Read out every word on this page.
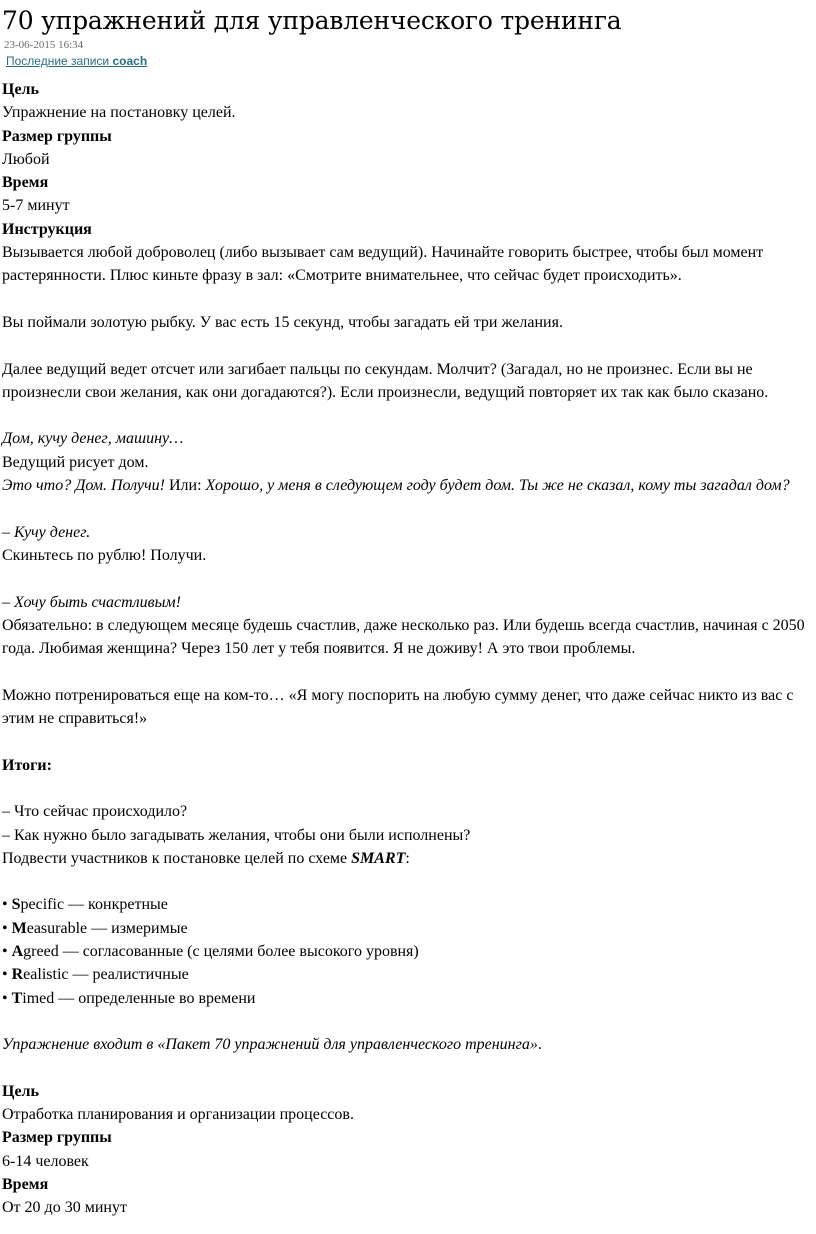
70 упражнений для управленческого тренинга
23-06-2015 16:34
Последние записи coach

Цель

Упражнение на постановку целей.

Размер группы

Любой

Время

5-7 минут

Инструкция

Вызывается любой доброволец (либо вызывает сам ведущий). Начинайте говорить быстрее, чтобы был момент растерянности. Плюс киньте фразу в зал: «Смотрите внимательнее, что сейчас будет происходить».

Вы поймали золотую рыбку. У вас есть 15 секунд, чтобы загадать ей три желания.

Далее ведущий ведет отсчет или загибает пальцы по секундам. Молчит? (Загадал, но не произнес. Если вы не произнесли свои желания, как они догадаются?). Если произнесли, ведущий повторяет их так как было сказано.

Дом, кучу денег, машину…

Ведущий рисует дом.

Это что? Дом. Получи! Или: Хорошо, у меня в следующем году будет дом. Ты же не сказал, кому ты загадал дом?

– Кучу денег.

Скиньтесь по рублю! Получи.

– Хочу быть счастливым!

Обязательно: в следующем месяце будешь счастлив, даже несколько раз. Или будешь всегда счастлив, начиная с 2050 года. Любимая женщина? Через 150 лет у тебя появится. Я не доживу! А это твои проблемы.

Можно потренироваться еще на ком-то… «Я могу поспорить на любую сумму денег, что даже сейчас никто из вас с этим не справиться!»

Итоги:

– Что сейчас происходило?

– Как нужно было загадывать желания, чтобы они были исполнены?

Подвести участников к постановке целей по схеме SMART:

• Specific — конкретные

• Measurable — измеримые

• Agreed — согласованные (с целями более высокого уровня)

• Realistic — реалистичные

• Timed — определенные во времени

Упражнение входит в «Пакет 70 упражнений для управленческого тренинга».

Цель

Отработка планирования и организации процессов.

Размер группы

6-14 человек

Время

От 20 до 30 минут
